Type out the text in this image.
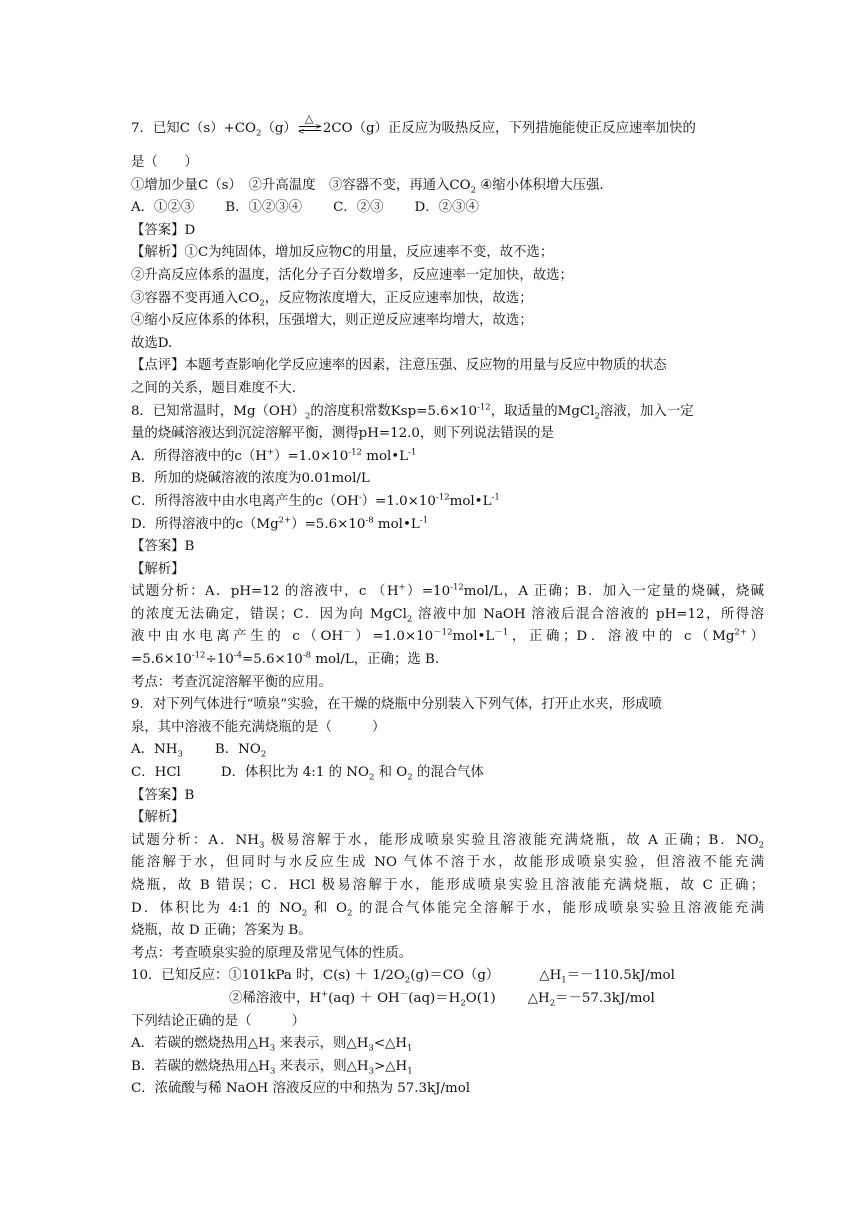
7．已知$C(s)+CO_2(g)$
△
>
< 2CO（g）正反应为吸热反应，下列措施能使正反应速率加快的
是（　　）
①增加少量C（s）　②升高温度　③容器不变，再通入$CO_2$ ④缩小体积增大压强.
A．①②③　　 B．①②③④　　 C．②③　　 D．②③④
【答案】D
【解析】①C为纯固体，增加反应物C的用量，反应速率不变，故不选；
②升高反应体系的温度，活化分子百分数增多，反应速率一定加快，故选；
③容器不变再通入$CO_2$，反应物浓度增大，正反应速率加快，故选；
④缩小反应体系的体积，压强增大，则正逆反应速率均增大，故选；
故选D.
【点评】本题考查影响化学反应速率的因素，注意压强、反应物的用量与反应中物质的状态
之间的关系，题目难度不大.
8．已知常温时，$Mg(OH)_2$的溶度积常数$Ksp=5.6\times 10^{-12}$，取适量的MgCl$_2$溶液，加入一定
量的烧碱溶液达到沉淀溶解平衡，测得pH=12.0，则下列说法错误的是
A．所得溶液中的$c(H^+)=1.0\times 10^{-12}$ $mol•L^{-1}$
B．所加的烧碱溶液的浓度为0.01mol/L
C．所得溶液中由水电离产生的$c(OH^-)=1.0\times 10^{-12}mol•L^{-1}$
D．所得溶液中的$c(Mg^{2+})=5.6\times 10^{-8}$ $mol•L^{-1}$
【答案】B
【解析】
试题分析：A．pH=12 的溶液中，c $(H^+)=10^{-12}mol/L$，A 正确；B．加入一定量的烧碱，烧碱
的浓度无法确定，错误；C．因为向 MgCl$_2$ 溶液中加 NaOH 溶液后混合溶液的 pH=12，所得溶
液中由水电离产生的 $c(OH^-)=1.0\times 10^{-12}mol•L^{-1}$，正确；D．溶液中的 $c(Mg^{2+})$
$=5.6\times 10^{-12}\div 10^{-4}=5.6\times 10^{-8}$ mol/L，正确；选 B.
考点：考查沉淀溶解平衡的应用。
9．对下列气体进行“喷泉”实验，在干燥的烧瓶中分别装入下列气体，打开止水夹，形成喷
泉，其中溶液不能充满烧瓶的是（　　　）
A．$NH_3$ B．$NO_2$
C．HCl	D．体积比为 4:1 的 $NO_2$ 和 $O_2$ 的混合气体
【答案】B
【解析】
试题分析：A．$NH_3$ 极易溶解于水，能形成喷泉实验且溶液能充满烧瓶，故 A 正确；B．$NO_2$
能溶解于水，但同时与水反应生成 NO 气体不溶于水，故能形成喷泉实验，但溶液不能充满
烧瓶，故 B 错误；C．HCl 极易溶解于水，能形成喷泉实验且溶液能充满烧瓶，故 C 正确；
D．体积比为 4:1 的 $NO_2$ 和 $O_2$ 的混合气体能完全溶解于水，能形成喷泉实验且溶液能充满
烧瓶，故 D 正确；答案为 B。
考点：考查喷泉实验的原理及常见气体的性质。
10．已知反应：①101kPa 时，$C(s) + 1/2O_2(g)=CO(g)$	$\triangle H_1=-110.5kJ$/mol
②稀溶液中，$H^+(aq) + OH^-(aq)=H_2O(1)$ $\triangle H_2=-57.3kJ$/mol
下列结论正确的是（　　　）
A．若碳的燃烧热用$\triangle H_3$ 来表示，则$\triangle H_3<\triangle H_1$
B．若碳的燃烧热用$\triangle H_3$ 来表示，则$\triangle H_3>\triangle H_1$
C．浓硫酸与稀 NaOH 溶液反应的中和热为 57.3kJ/mol
